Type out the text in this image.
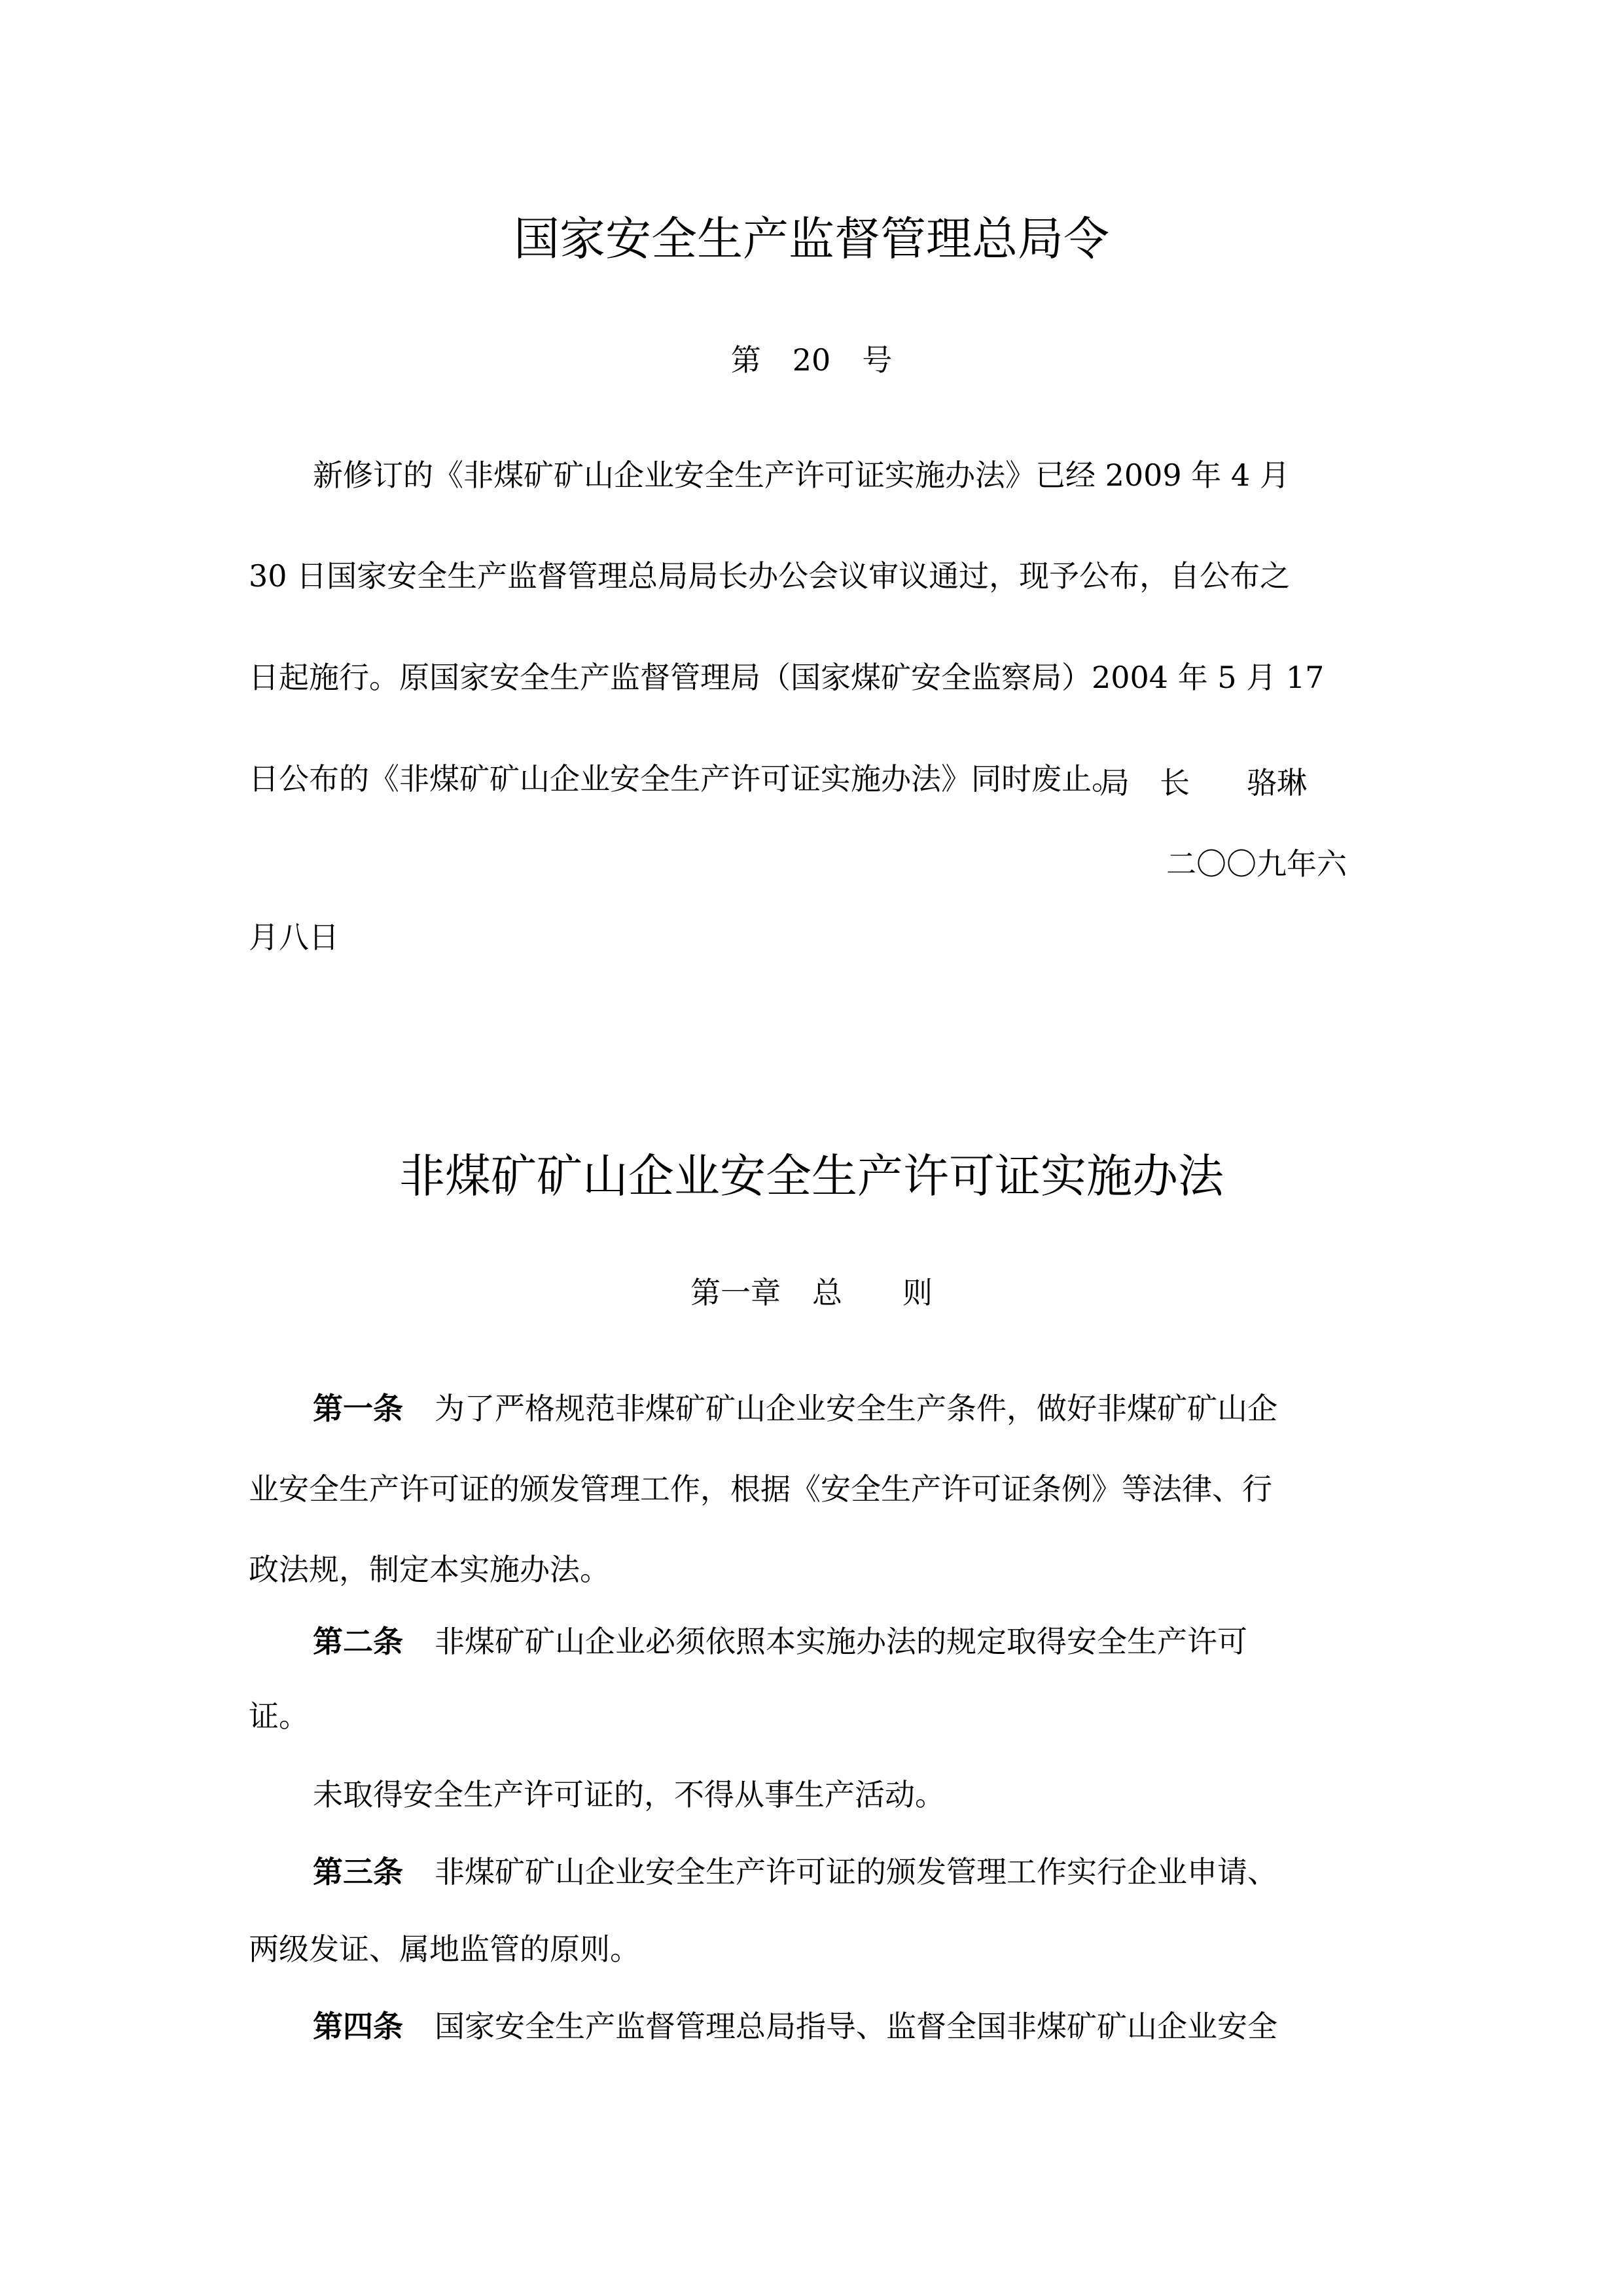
国家安全生产监督管理总局令

第 20 号

新修订的《非煤矿矿山企业安全生产许可证实施办法》已经 2009 年 4 月

30 日国家安全生产监督管理总局局长办公会议审议通过，现予公布，自公布之

日起施行。原国家安全生产监督管理局（国家煤矿安全监察局）2004 年 5 月 17

日公布的《非煤矿矿山企业安全生产许可证实施办法》同时废止。

局　长 骆琳

二〇〇九年六

月八日

非煤矿矿山企业安全生产许可证实施办法

第一章 总　　则

第一条 为了严格规范非煤矿矿山企业安全生产条件，做好非煤矿矿山企

业安全生产许可证的颁发管理工作，根据《安全生产许可证条例》等法律、行

政法规，制定本实施办法。

第二条 非煤矿矿山企业必须依照本实施办法的规定取得安全生产许可

证。

未取得安全生产许可证的，不得从事生产活动。

第三条 非煤矿矿山企业安全生产许可证的颁发管理工作实行企业申请、

两级发证、属地监管的原则。

第四条 国家安全生产监督管理总局指导、监督全国非煤矿矿山企业安全
